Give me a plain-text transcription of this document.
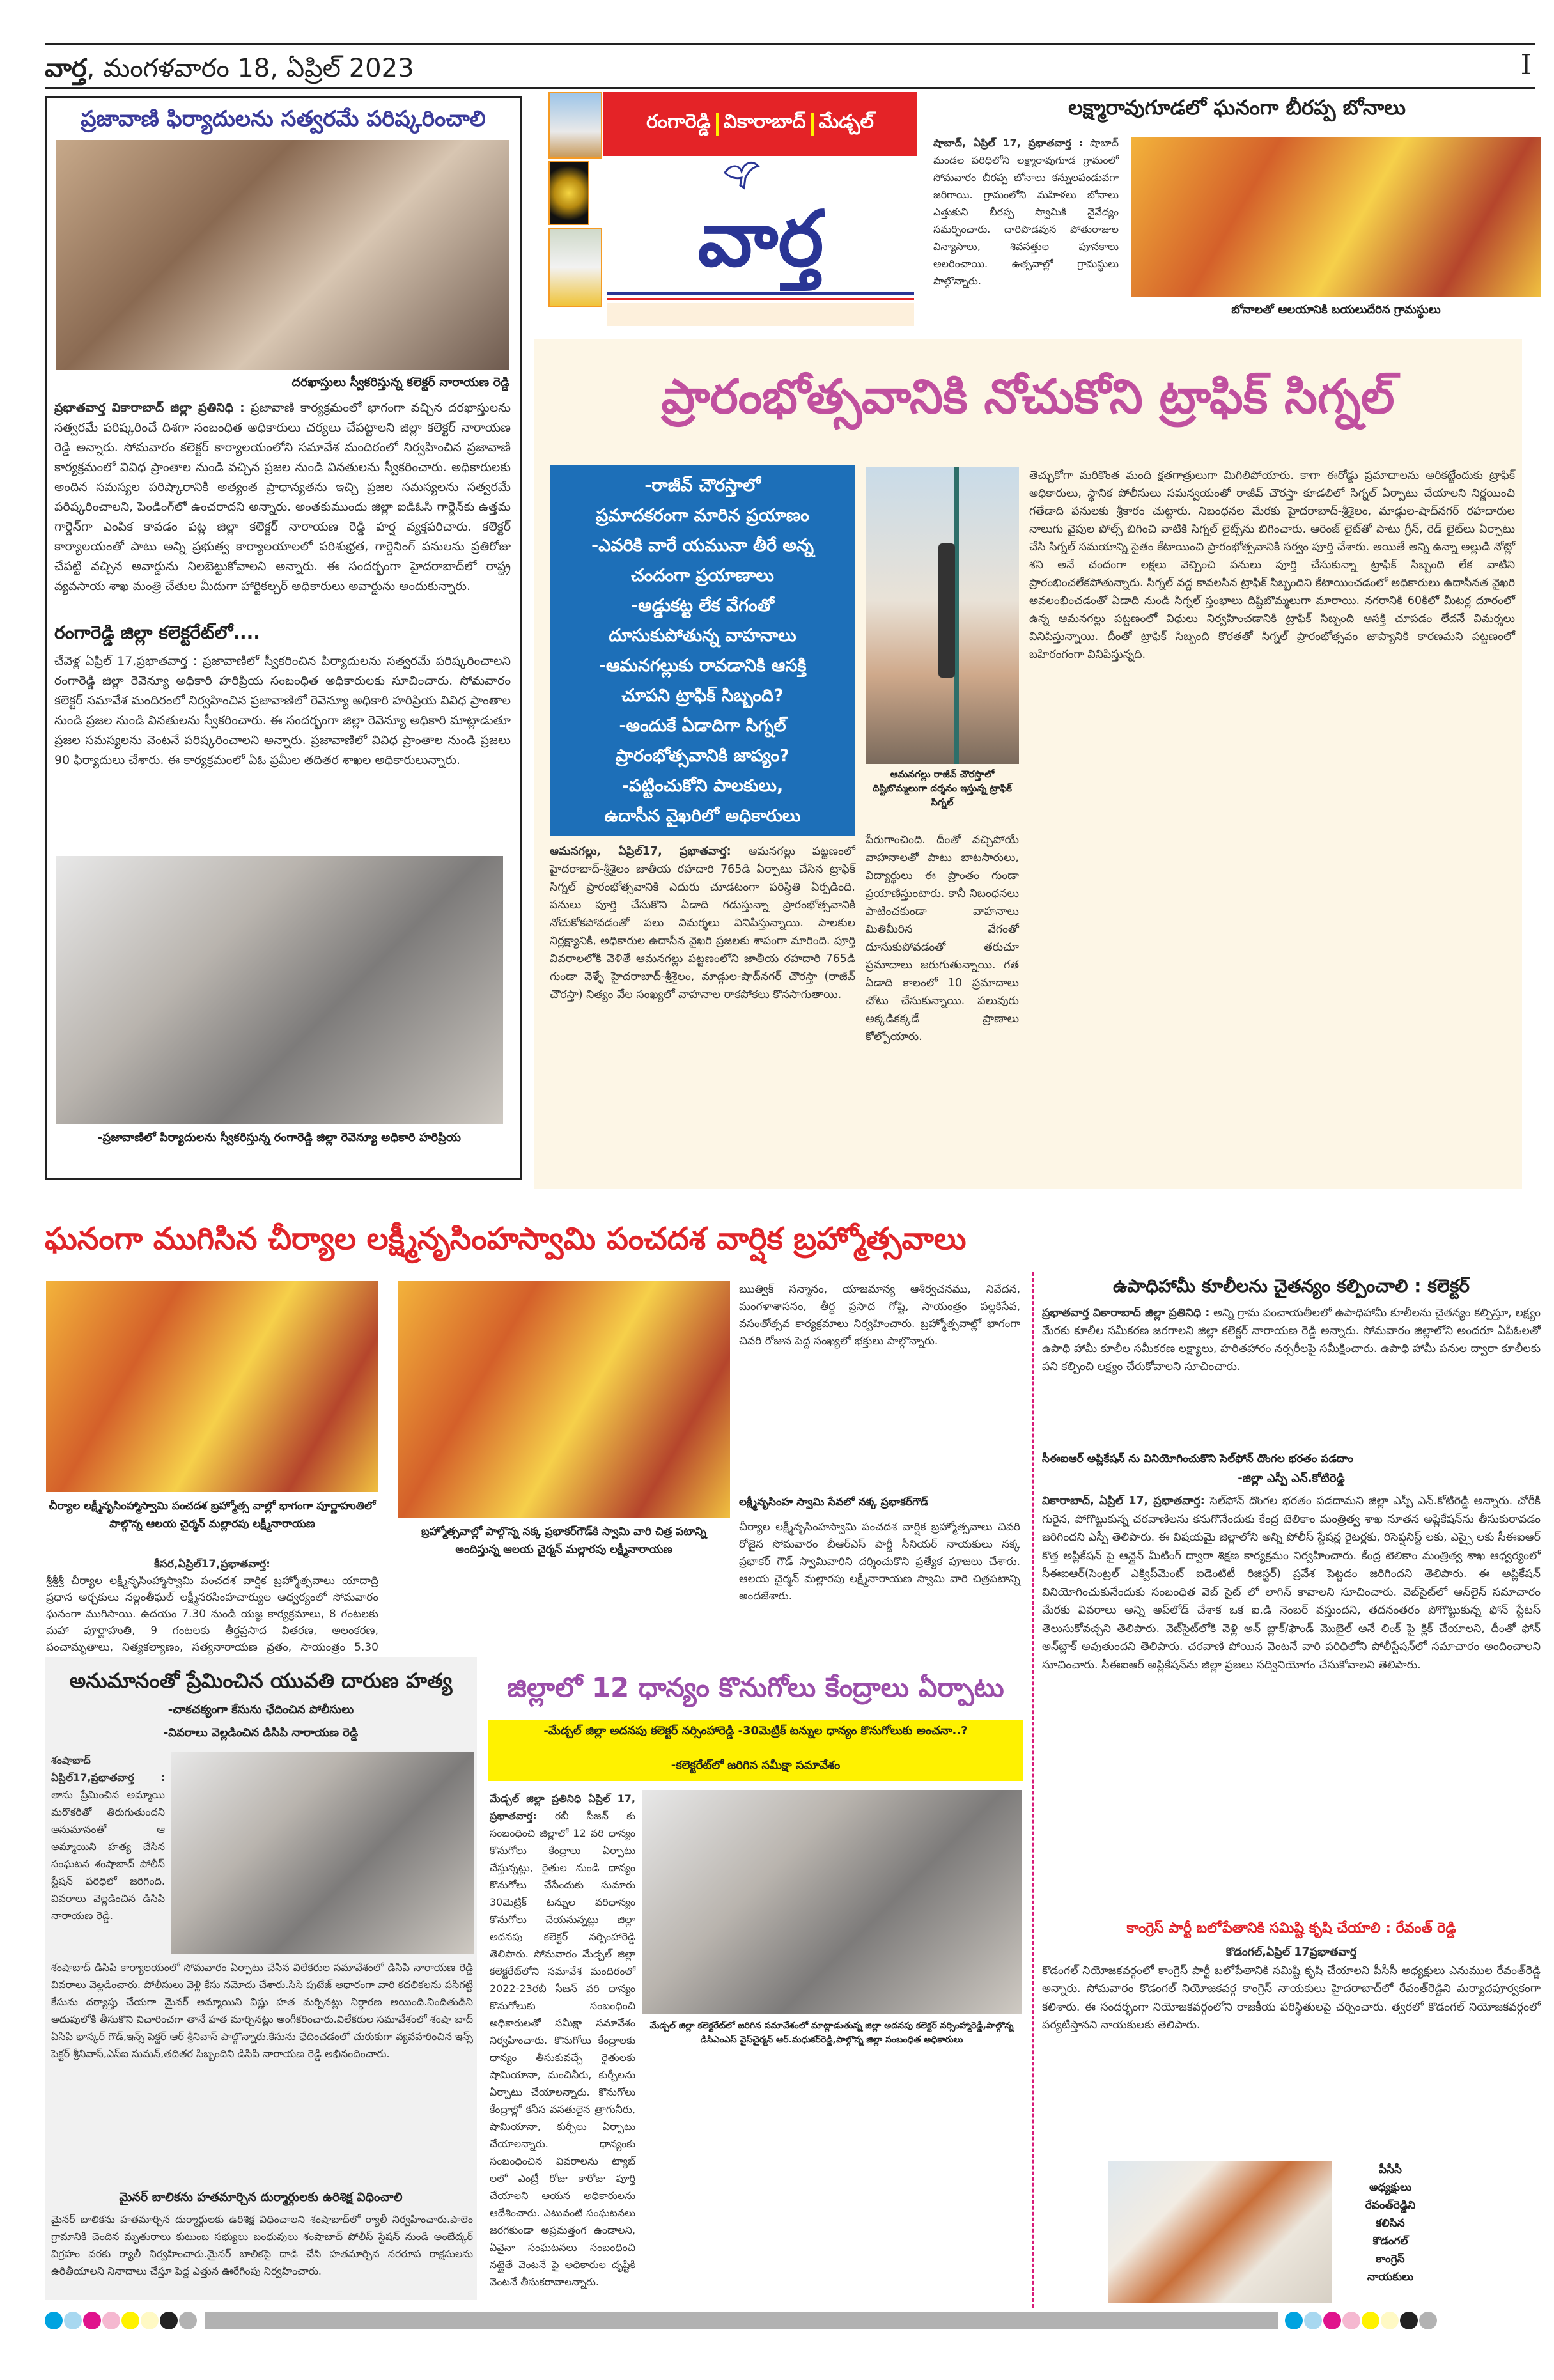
వార్త, మంగళవారం 18, ఏప్రిల్ 2023	I
ప్రజావాణి ఫిర్యాదులను సత్వరమే పరిష్కరించాలి
దరఖాస్తులు స్వీకరిస్తున్న కలెక్టర్ నారాయణ రెడ్డి
ప్రభాతవార్త వికారాబాద్ జిల్లా ప్రతినిధి : ప్రజావాణి కార్యక్రమంలో భాగంగా వచ్చిన దరఖాస్తులను సత్వరమే పరిష్కరించే దిశగా సంబంధిత అధికారులు చర్యలు చేపట్టాలని జిల్లా కలెక్టర్ నారాయణ రెడ్డి అన్నారు. సోమవారం కలెక్టర్ కార్యాలయంలోని సమావేశ మందిరంలో నిర్వహించిన ప్రజావాణి కార్యక్రమంలో వివిధ ప్రాంతాల నుండి వచ్చిన ప్రజల నుండి వినతులను స్వీకరించారు. అధికారులకు అందిన సమస్యల పరిష్కారానికి అత్యంత ప్రాధాన్యతను ఇచ్చి ప్రజల సమస్యలను సత్వరమే పరిష్కరించాలని, పెండింగ్‌లో ఉంచరాదని అన్నారు. అంతకుముందు జిల్లా ఐడిఓసి గార్డెన్‌కు ఉత్తమ గార్డెన్‌గా ఎంపిక కావడం పట్ల జిల్లా కలెక్టర్ నారాయణ రెడ్డి హర్ష వ్యక్తపరిచారు. కలెక్టర్ కార్యాలయంతో పాటు అన్ని ప్రభుత్వ కార్యాలయాలలో పరిశుభ్రత, గార్డెనింగ్ పనులను ప్రతిరోజు చేపట్టి వచ్చిన అవార్డును నిలబెట్టుకోవాలని అన్నారు. ఈ సందర్భంగా హైదరాబాద్‌లో రాష్ట్ర వ్యవసాయ శాఖ మంత్రి చేతుల మీదుగా హార్టికల్చర్ అధికారులు అవార్డును అందుకున్నారు.
రంగారెడ్డి జిల్లా కలెక్టరేట్‌లో....
చేవెళ్ల ఏప్రిల్ 17,ప్రభాతవార్త : ప్రజావాణిలో స్వీకరించిన పిర్యాదులను సత్వరమే పరిష్కరించాలని రంగారెడ్డి జిల్లా రెవెన్యూ అధికారి హరిప్రియ సంబంధిత అధికారులకు సూచించారు. సోమవారం కలెక్టర్ సమావేశ మందిరంలో నిర్వహించిన ప్రజావాణిలో రెవెన్యూ అధికారి హరిప్రియ వివిధ ప్రాంతాల నుండి ప్రజల నుండి వినతులను స్వీకరించారు. ఈ సందర్భంగా జిల్లా రెవెన్యూ అధికారి మాట్లాడుతూ ప్రజల సమస్యలను వెంటనే పరిష్కరించాలని అన్నారు. ప్రజావాణిలో వివిధ ప్రాంతాల నుండి ప్రజలు 90 ఫిర్యాదులు చేశారు. ఈ కార్యక్రమంలో ఏఓ ప్రమీల తదితర శాఖల అధికారులున్నారు.
-ప్రజావాణిలో పిర్యాదులను స్వీకరిస్తున్న రంగారెడ్డి జిల్లా రెవెన్యూ అధికారి హరిప్రియ
రంగారెడ్డి వికారాబాద్ మేడ్చల్
వార్త
లక్ష్మారావుగూడలో ఘనంగా బీరప్ప బోనాలు
షాబాద్, ఏప్రిల్ 17, ప్రభాతవార్త : షాబాద్ మండల పరిధిలోని లక్ష్మారావుగూడ గ్రామంలో సోమవారం బీరప్ప బోనాలు కన్నులపండువగా జరిగాయి. గ్రామంలోని మహిళలు బోనాలు ఎత్తుకుని బీరప్ప స్వామికి నైవేద్యం సమర్పించారు. దారిపొడవున పోతురాజుల విన్యాసాలు, శివసత్తుల పూనకాలు అలరించాయి. ఉత్సవాల్లో గ్రామస్థులు పాల్గొన్నారు.
బోనాలతో ఆలయానికి బయలుదేరిన గ్రామస్థులు
ప్రారంభోత్సవానికి నోచుకోని ట్రాఫిక్ సిగ్నల్
-రాజీవ్ చౌరస్తాలో
ప్రమాదకరంగా మారిన ప్రయాణం
-ఎవరికి వారే యమునా తీరే అన్న
చందంగా ప్రయాణాలు
-అడ్డుకట్ట లేక వేగంతో
దూసుకుపోతున్న వాహనాలు
-ఆమనగల్లుకు రావడానికి ఆసక్తి
చూపని ట్రాఫిక్ సిబ్బంది?
-అందుకే ఏడాదిగా సిగ్నల్
ప్రారంభోత్సవానికి జాప్యం?
-పట్టించుకోని పాలకులు,
ఉదాసీన వైఖరిలో అధికారులు
ఆమనగల్లు రాజీవ్ చౌరస్తాలో దిష్టిబొమ్మలుగా దర్శనం ఇస్తున్న ట్రాఫిక్ సిగ్నల్
ఆమనగల్లు, ఏప్రిల్17, ప్రభాతవార్త: ఆమనగల్లు పట్టణంలో హైదరాబాద్-శ్రీశైలం జాతీయ రహదారి 765డి ఏర్పాటు చేసిన ట్రాఫిక్ సిగ్నల్ ప్రారంభోత్సవానికి ఎదురు చూడటంగా పరిస్థితి ఏర్పడింది. పనులు పూర్తి చేసుకొని ఏడాది గడుస్తున్నా ప్రారంభోత్సవానికి నోచుకోకపోవడంతో పలు విమర్శలు వినిపిస్తున్నాయి. పాలకుల నిర్లక్ష్యానికి, అధికారుల ఉదాసీన వైఖరి ప్రజలకు శాపంగా మారింది. పూర్తి వివరాలలోకి వెళితే ఆమనగల్లు పట్టణంలోని జాతీయ రహదారి 765డి గుండా వెళ్ళే హైదరాబాద్-శ్రీశైలం, మాడ్గుల-షాద్‌నగర్ చౌరస్తా (రాజీవ్ చౌరస్తా) నిత్యం వేల సంఖ్యలో వాహనాల రాకపోకలు కొనసాగుతాయి.
పేరుగాంచింది. దీంతో వచ్చిపోయే వాహనాలతో పాటు బాటసారులు, విద్యార్థులు ఈ ప్రాంతం గుండా ప్రయాణిస్తుంటారు. కానీ నిబంధనలు పాటించకుండా వాహనాలు మితిమీరిన వేగంతో దూసుకుపోవడంతో తరుచూ ప్రమాదాలు జరుగుతున్నాయి. గత ఏడాది కాలంలో 10 ప్రమాదాలు చోటు చేసుకున్నాయి. పలువురు అక్కడికక్కడే ప్రాణాలు కోల్పోయారు.
తెచ్చుకోగా మరికొంత మంది క్షతగాత్రులుగా మిగిలిపోయారు. కాగా ఈరోడ్డు ప్రమాదాలను అరికట్టేందుకు ట్రాఫిక్ అధికారులు, స్థానిక పోలీసులు సమన్వయంతో రాజీవ్ చౌరస్తా కూడలిలో సిగ్నల్ ఏర్పాటు చేయాలని నిర్ణయించి గతేడాది పనులకు శ్రీకారం చుట్టారు. నిబంధనల మేరకు హైదరాబాద్-శ్రీశైలం, మాడ్గుల-షాద్‌నగర్ రహదారుల నాలుగు వైపుల పోల్స్ బిగించి వాటికి సిగ్నల్ లైట్స్‌ను బిగించారు. ఆరెంజ్ లైట్‌తో పాటు గ్రీన్, రెడ్ లైట్‌లు ఏర్పాటు చేసి సిగ్నల్ సమయాన్ని సైతం కేటాయించి ప్రారంభోత్సవానికి సర్వం పూర్తి చేశారు. అయితే అన్ని ఉన్నా అల్లుడి నోట్లో శని అనే చందంగా లక్షలు వెచ్చించి పనులు పూర్తి చేసుకున్నా ట్రాఫిక్ సిబ్బంది లేక వాటిని ప్రారంభించలేకపోతున్నారు. సిగ్నల్ వద్ద కావలసిన ట్రాఫిక్ సిబ్బందిని కేటాయించడంలో అధికారులు ఉదాసీనత వైఖరి అవలంభించడంతో ఏడాది నుండి సిగ్నల్ స్తంభాలు దిష్టిబొమ్మలుగా మారాయి. నగరానికి 60కిలో మీటర్ల దూరంలో ఉన్న ఆమనగల్లు పట్టణంలో విధులు నిర్వహించడానికి ట్రాఫిక్ సిబ్బంది ఆసక్తి చూపడం లేదనే విమర్శలు వినిపిస్తున్నాయి. దీంతో ట్రాఫిక్ సిబ్బంది కొరతతో సిగ్నల్ ప్రారంభోత్సవం జాప్యానికి కారణమని పట్టణంలో బహిరంగంగా వినిపిస్తున్నది.
ఘనంగా ముగిసిన చీర్యాల లక్ష్మీనృసింహస్వామి పంచదశ వార్షిక బ్రహ్మోత్సవాలు
చీర్యాల లక్ష్మీనృసింహ్మాస్వామి పంచదశ బ్రహ్మోత్స వాల్లో భాగంగా పూర్ణాహుతిలో పాల్గొన్న ఆలయ చైర్మన్ మల్లారపు లక్ష్మీనారాయణ
బ్రహ్మోత్సవాల్లో పాల్గొన్న నక్క ప్రభాకర్‌గౌడ్‌కి స్వామి వారి చిత్ర పటాన్ని అందిస్తున్న ఆలయ చైర్మన్ మల్లారపు లక్ష్మీనారాయణ
కీసర,ఏప్రిల్17,ప్రభాతవార్త:
శ్రీశ్రీశ్రీ చీర్యాల లక్ష్మీనృసింహ్మాస్వామి పంచదశ వార్షిక బ్రహ్మోత్సవాలు యాదాద్రి ప్రధాన అర్చకులు నల్లంతీఘల్ లక్ష్మీనరసింహచార్యుల ఆధ్వర్యంలో సోమవారం ఘనంగా ముగిసాయి. ఉదయం 7.30 నుండి యజ్ఞ కార్యక్రమాలు, 8 గంటలకు మహా పూర్ణాహుతి, 9 గంటలకు తీర్థప్రసాద వితరణ, అలంకరణ, పంచామృతాలు, నిత్యకల్యాణం, సత్యనారాయణ వ్రతం, సాయంత్రం 5.30
ఋత్విక్ సన్మానం, యాజమాన్య ఆశీర్వచనము, నివేదన, మంగళాశాసనం, తీర్థ ప్రసాద గోష్టి, సాయంత్రం పల్లకిసేవ, వసంతోత్సవ కార్యక్రమాలు నిర్వహించారు. బ్రహ్మోత్సవాల్లో భాగంగా చివరి రోజున పెద్ద సంఖ్యలో భక్తులు పాల్గొన్నారు.
లక్ష్మీనృసింహ స్వామి సేవలో నక్క ప్రభాకర్‌గౌడ్
చీర్యాల లక్ష్మీనృసింహస్వామి పంచదశ వార్షిక బ్రహ్మోత్సవాలు చివరి రోజైన సోమవారం బీఆర్ఎస్ పార్టీ సీనియర్ నాయకులు నక్క ప్రభాకర్ గౌడ్ స్వామివారిని దర్శించుకొని ప్రత్యేక పూజలు చేశారు. ఆలయ చైర్మన్ మల్లారపు లక్ష్మీనారాయణ స్వామి వారి చిత్రపటాన్ని అందజేశారు.
ఉపాధిహామీ కూలీలను చైతన్యం కల్పించాలి : కలెక్టర్
ప్రభాతవార్త వికారాబాద్ జిల్లా ప్రతినిధి : అన్ని గ్రామ పంచాయతీలలో ఉపాధిహామీ కూలీలను చైతన్యం కల్పిస్తూ, లక్ష్యం మేరకు కూలీల సమీకరణ జరగాలని జిల్లా కలెక్టర్ నారాయణ రెడ్డి అన్నారు. సోమవారం జిల్లాలోని అందరూ ఏపీఓలతో ఉపాధి హామీ కూలీల సమీకరణ లక్ష్యాలు, హరితహారం నర్సరీలపై సమీక్షించారు. ఉపాధి హామీ పనుల ద్వారా కూలీలకు పని కల్పించి లక్ష్యం చేరుకోవాలని సూచించారు.
సీఈఐఆర్ అప్లికేషన్ ను వినియోగించుకొని సెల్‌ఫోన్ దొంగల భరతం పడదాం
-జిల్లా ఎస్పీ ఎన్.కోటిరెడ్డి
వికారాబాద్, ఏప్రిల్ 17, ప్రభాతవార్త: సెల్‌ఫోన్ దొంగల భరతం పడదామని జిల్లా ఎస్పీ ఎన్.కోటిరెడ్డి అన్నారు. చోరీకి గురైన, పోగొట్టుకున్న చరవాణిలను కనుగొనేందుకు కేంద్ర టెలికాం మంత్రిత్వ శాఖ నూతన అప్లికేషన్‌ను తీసుకురావడం జరిగిందని ఎస్పీ తెలిపారు. ఈ విషయమై జిల్లాలోని అన్ని పోలీస్ స్టేషన్ల రైటర్లకు, రిసెప్షనిస్ట్ లకు, ఎస్సై లకు సీఈఐఆర్ కొత్త అప్లికేషన్ పై ఆన్లైన్ మీటింగ్ ద్వారా శిక్షణ కార్యక్రమం నిర్వహించారు. కేంద్ర టెలికాం మంత్రిత్వ శాఖ ఆధ్వర్యంలో సీఈఐఆర్(సెంట్రల్ ఎక్విప్‌మెంట్ ఐడెంటిటీ రిజిస్టర్) ప్రవేశ పెట్టడం జరిగిందని తెలిపారు. ఈ అప్లికేషన్ వినియోగించుకునేందుకు సంబంధిత వెబ్ సైట్ లో లాగిన్ కావాలని సూచించారు. వెబ్‌సైట్‌లో ఆన్‌లైన్ సమాచారం మేరకు వివరాలు అన్ని అప్‌లోడ్ చేశాక ఒక ఐ.డి నెంబర్ వస్తుందని, తదనంతరం పోగొట్టుకున్న ఫోన్ స్టేటస్ తెలుసుకోవచ్చని తెలిపారు. వెబ్‌సైట్‌లోకి వెళ్లి అన్ బ్లాక్/ఫౌండ్ మొబైల్ అనే లింక్ పై క్లిక్ చేయాలని, దీంతో ఫోన్ అన్‌బ్లాక్ అవుతుందని తెలిపారు. చరవాణి పోయిన వెంటనే వారి పరిధిలోని పోలీస్టేషన్‌లో సమాచారం అందించాలని సూచించారు. సీఈఐఆర్ అప్లికేషన్‌ను జిల్లా ప్రజలు సద్వినియోగం చేసుకోవాలని తెలిపారు.
కాంగ్రెస్ పార్టీ బలోపేతానికి సమిష్టి కృషి చేయాలి : రేవంత్ రెడ్డి
కొడంగల్,ఏప్రిల్ 17ప్రభాతవార్త
కొడంగల్ నియోజకవర్గంలో కాంగ్రెస్ పార్టీ బలోపేతానికి సమిష్టి కృషి చేయాలని పీసీసీ అధ్యక్షులు ఎనుముల రేవంత్‌రెడ్డి అన్నారు. సోమవారం కొడంగల్ నియోజకవర్గ కాంగ్రెస్ నాయకులు హైదరాబాద్‌లో రేవంత్‌రెడ్డిని మర్యాదపూర్వకంగా కలిశారు. ఈ సందర్భంగా నియోజకవర్గంలోని రాజకీయ పరిస్థితులపై చర్చించారు. త్వరలో కొడంగల్ నియోజకవర్గంలో పర్యటిస్తానని నాయకులకు తెలిపారు.
పీసీసీ
అధ్యక్షులు
రేవంత్‌రెడ్డిని
కలిసిన
కొడంగల్
కాంగ్రెస్
నాయకులు
అనుమానంతో ప్రేమించిన యువతి దారుణ హత్య
-చాకచక్యంగా కేసును ఛేదించిన పోలీసులు
-వివరాలు వెల్లడించిన డిసిపి నారాయణ రెడ్డి
శంషాబాద్ ఏప్రిల్17,ప్రభాతవార్త : తాను ప్రేమించిన అమ్మాయి మరొకరితో తిరుగుతుందని అనుమానంతో ఆ అమ్మాయిని హత్య చేసిన సంఘటన శంషాబాద్ పోలీస్ స్టేషన్ పరిధిలో జరిగింది. వివరాలు వెల్లడించిన డిసిపి నారాయణ రెడ్డి.
శంషాబాద్ డిసిపి కార్యాలయంలో సోమవారం ఏర్పాటు చేసిన విలేకరుల సమావేశంలో డిసిపి నారాయణ రెడ్డి వివరాలు వెల్లడించారు. పోలీసులు వెళ్లి కేసు నమోదు చేశారు.సిసి పుటేజ్ ఆధారంగా వారి కదలికలను పసిగట్టి కేసును దర్యాప్తు చేయగా మైనర్ అమ్మాయిని విష్ణు హత మర్చినట్లు నిర్ధారణ అయింది.నిందితుడిని అదుపులోకి తీసుకొని విచారించగా తానే హత మార్చినట్లు అంగీకరించారు.విలేకరుల సమావేశంలో శంషా బాద్ ఏసిపి భాస్కర్ గౌడ్,ఇన్స్ పెక్టర్ ఆర్ శ్రీనివాస్ పాల్గొన్నారు.కేసును ఛేదించడంలో చురుకుగా వ్యవహరించిన ఇన్స్ పెక్టర్ శ్రీనివాస్,ఎస్ఐ సుమన్,తదితర సిబ్బందిని డిసిపి నారాయణ రెడ్డి అభినందించారు.
మైనర్ బాలికను హతమార్చిన దుర్మార్గులకు ఉరిశిక్ష విధించాలి
మైనర్ బాలికను హతమార్చిన దుర్మార్గులకు ఉరిశిక్ష విధించాలని శంషాబాద్‌లో ర్యాలీ నిర్వహించారు.పాలెం గ్రామానికి చెందిన మృతురాలు కుటుంబ సభ్యులు బంధువులు శంషాబాద్ పోలీస్ స్టేషన్ నుండి అంబేద్కర్ విగ్రహం వరకు ర్యాలీ నిర్వహించారు.మైనర్ బాలికపై దాడి చేసి హతమార్చిన నరరూప రాక్షసులను ఉరితీయాలని నినాదాలు చేస్తూ పెద్ద ఎత్తున ఊరేగింపు నిర్వహించారు.
జిల్లాలో 12 ధాన్యం కొనుగోలు కేంద్రాలు ఏర్పాటు
-మేడ్చల్ జిల్లా అదనపు కలెక్టర్ నర్సింహారెడ్డి -30మెట్రిక్ టన్నుల ధాన్యం కొనుగోలుకు అంచనా..?
-కలెక్టరేట్‌లో జరిగిన సమీక్షా సమావేశం
మేడ్చల్ జిల్లా ప్రతినిధి ఏప్రిల్ 17, ప్రభాతవార్త: రబీ సీజన్ కు సంబంధించి జిల్లాలో 12 వరి ధాన్యం కొనుగోలు కేంద్రాలు ఏర్పాటు చేస్తున్నట్లు, రైతుల నుండి ధాన్యం కొనుగోలు చేసేందుకు సుమారు 30మెట్రిక్ టన్నుల వరిధాన్యం కొనుగోలు చేయనున్నట్లు జిల్లా అదనపు కలెక్టర్ నర్సింహారెడ్డి తెలిపారు. సోమవారం మేడ్చల్ జిల్లా కలెక్టరేట్‌లోని సమావేశ మందిరంలో 2022-23రబీ సీజన్ వరి ధాన్యం కొనుగోలుకు సంబంధించి అధికారులతో సమీక్షా సమావేశం నిర్వహించారు. కొనుగోలు కేంద్రాలకు ధాన్యం తీసుకువచ్చే రైతులకు షామియానా, మంచినీరు, కుర్చీలను ఏర్పాటు చేయాలన్నారు. కొనుగోలు కేంద్రాల్లో కనీస వసతులైన త్రాగునీరు, షామియానా, కుర్చీలు ఏర్పాటు చేయాలన్నారు. ధాన్యంకు సంబంధించిన వివరాలను ట్యాబ్ లలో ఎంట్రీ రోజు కారోజు పూర్తి చేయాలని ఆయన అధికారులను ఆదేశించారు. ఎటువంటి సంఘటనలు జరగకుండా అప్రమత్తంగ ఉండాలని, ఏవైనా సంఘటనలు సంబంధించి నట్లైతే వెంటనే పై అధికారుల దృష్టికి వెంటనే తీసుకరావాలన్నారు.
మేడ్చల్ జిల్లా కలెక్టరేట్‌లో జరిగిన సమావేశంలో మాట్లాడుతున్న జిల్లా అదనపు కలెక్టర్ నర్సింహ్మారెడ్డి,పాల్గొన్న డిసిఎంఎస్ వైస్‌చైర్మన్ ఆర్.మధుకర్‌రెడ్డి,పాల్గొన్న జిల్లా సంబంధిత అధికారులు
